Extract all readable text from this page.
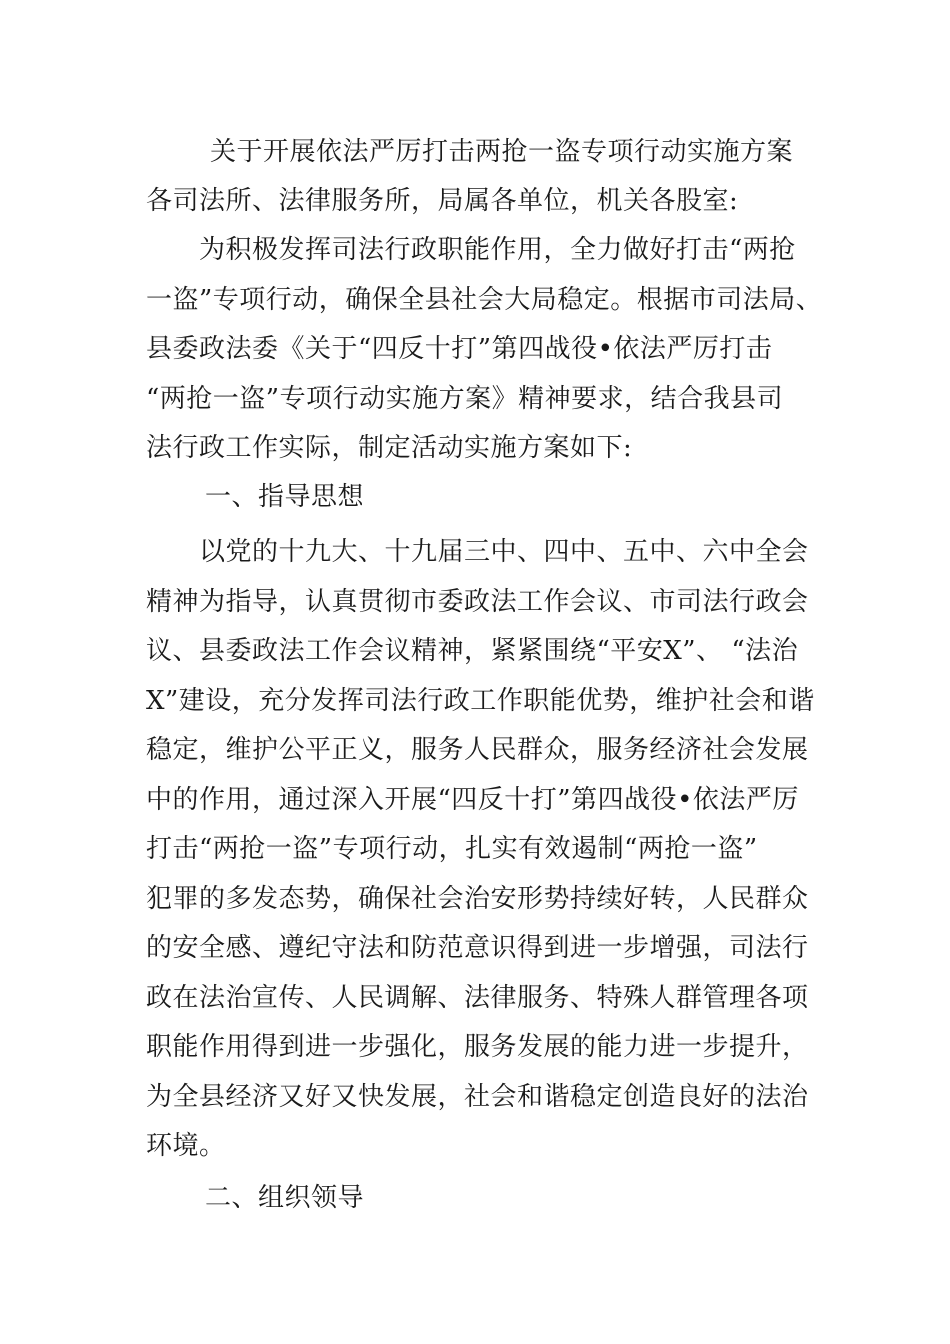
关于开展依法严厉打击两抢一盗专项行动实施方案
各司法所、法律服务所，局属各单位，机关各股室:
　　为积极发挥司法行政职能作用，全力做好打击“两抢
一盗”专项行动，确保全县社会大局稳定。根据市司法局、
县委政法委《关于“四反十打”第四战役•依法严厉打击
“两抢一盗”专项行动实施方案》精神要求，结合我县司
法行政工作实际，制定活动实施方案如下:
一、指导思想
　　以党的十九大、十九届三中、四中、五中、六中全会
精神为指导，认真贯彻市委政法工作会议、市司法行政会
议、县委政法工作会议精神，紧紧围绕“平安X”、 “法治
X”建设，充分发挥司法行政工作职能优势，维护社会和谐
稳定，维护公平正义，服务人民群众，服务经济社会发展
中的作用，通过深入开展“四反十打”第四战役•依法严厉
打击“两抢一盗”专项行动，扎实有效遏制“两抢一盗”
犯罪的多发态势，确保社会治安形势持续好转，人民群众
的安全感、遵纪守法和防范意识得到进一步增强，司法行
政在法治宣传、人民调解、法律服务、特殊人群管理各项
职能作用得到进一步强化，服务发展的能力进一步提升，
为全县经济又好又快发展，社会和谐稳定创造良好的法治
环境。
二、组织领导
